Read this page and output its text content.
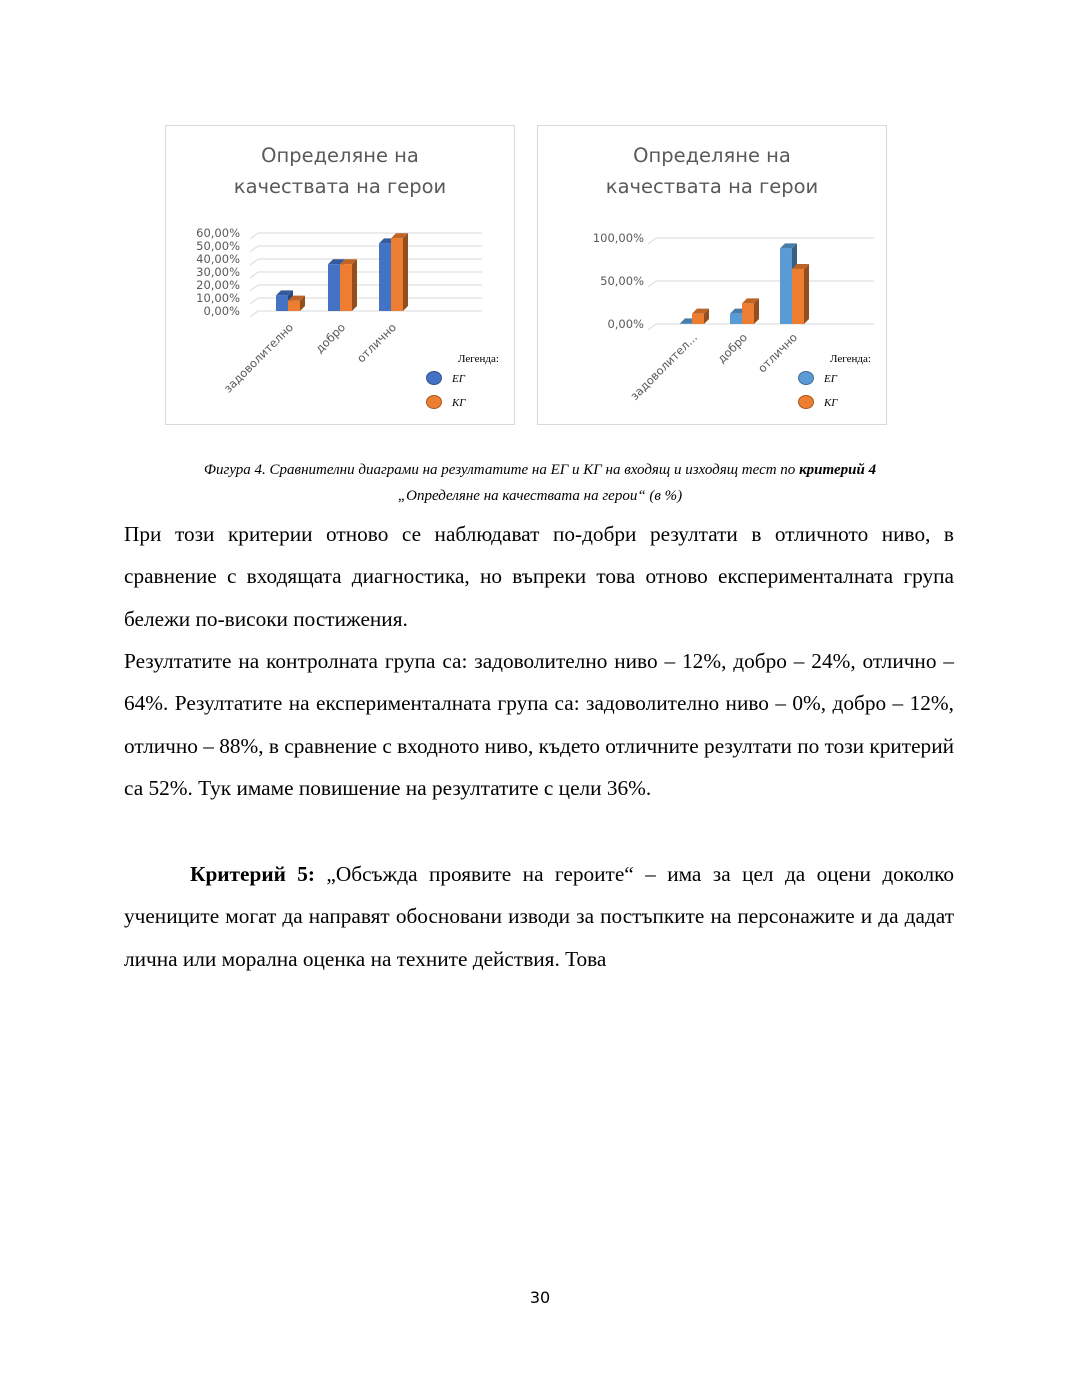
Определяне на
качествата на герои
0,00%
10,00%
20,00%
30,00%
40,00%
50,00%
60,00%
задоволително добро отлично	Легенда:
ЕГ
КГ
Определяне на
качествата на герои
0,00%
50,00%
100,00%
задоволител... добро отлично	Легенда:
ЕГ
КГ
Фигура 4. Сравнителни диаграми на резултатите на ЕГ и КГ на входящ и изходящ тест по критерий 4
„Определяне на качествата на герои“ (в %)

При този критерии отново се наблюдават по-добри резултати в отличното ниво, в сравнение с входящата диагностика, но въпреки това отново експерименталната група бележи по-високи постижения.

Резултатите на контролната група са: задоволително ниво – 12%, добро – 24%, отлично – 64%. Резултатите на експерименталната група са: задоволително ниво – 0%, добро – 12%, отлично – 88%, в сравнение с входното ниво, където отличните резултати по този критерий са 52%. Тук имаме повишение на резултатите с цели 36%.

Критерий 5: „Обсъжда проявите на героите“ – има за цел да оцени доколко учениците могат да направят обосновани изводи за постъпките на персонажите и да дадат лична или морална оценка на техните действия. Това

30
